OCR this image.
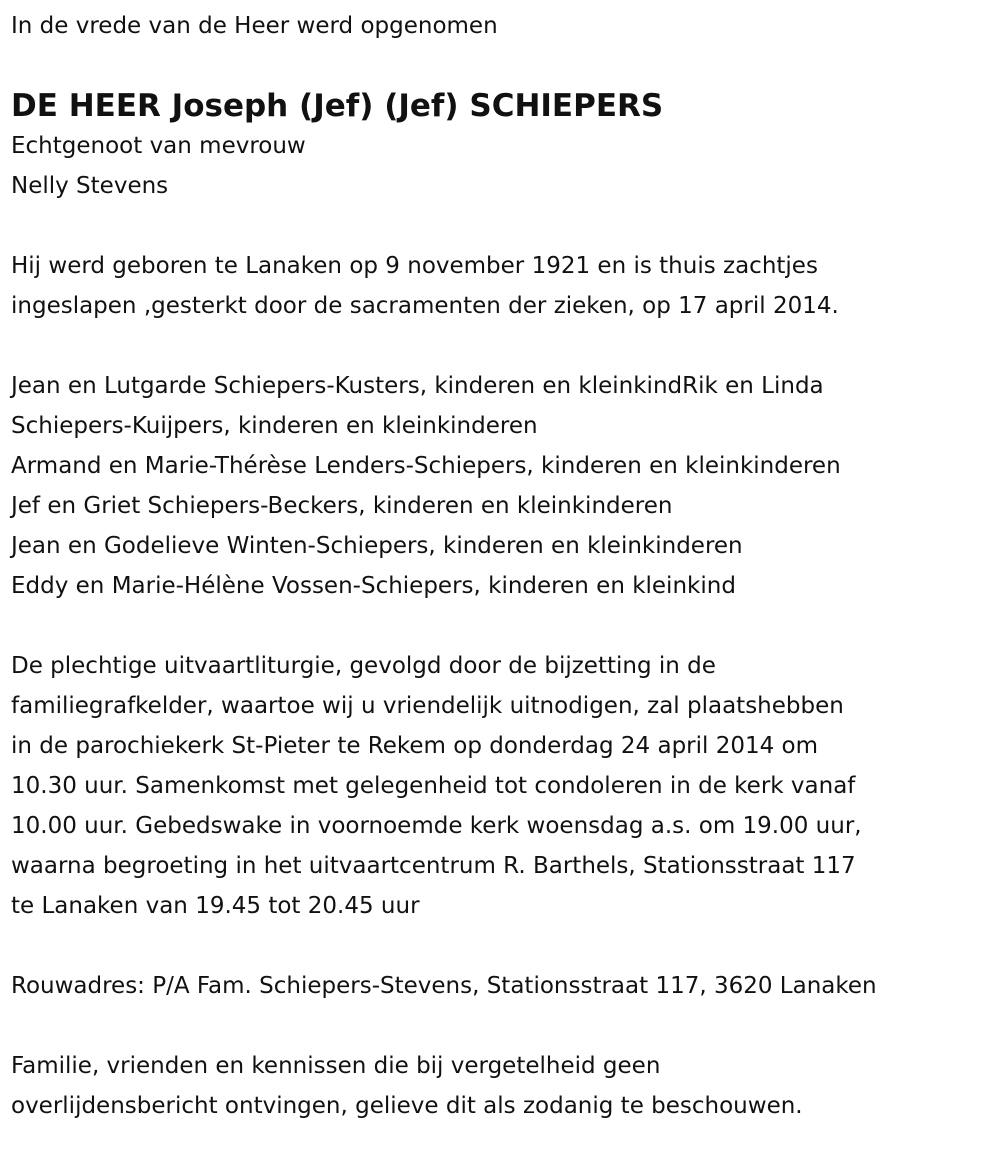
In de vrede van de Heer werd opgenomen

DE HEER Joseph (Jef) (Jef) SCHIEPERS

Echtgenoot van mevrouw

Nelly Stevens

Hij werd geboren te Lanaken op 9 november 1921 en is thuis zachtjes

ingeslapen ,gesterkt door de sacramenten der zieken, op 17 april 2014.

Jean en Lutgarde Schiepers-Kusters, kinderen en kleinkindRik en Linda

Schiepers-Kuijpers, kinderen en kleinkinderen

Armand en Marie-Thérèse Lenders-Schiepers, kinderen en kleinkinderen

Jef en Griet Schiepers-Beckers, kinderen en kleinkinderen

Jean en Godelieve Winten-Schiepers, kinderen en kleinkinderen

Eddy en Marie-Hélène Vossen-Schiepers, kinderen en kleinkind

De plechtige uitvaartliturgie, gevolgd door de bijzetting in de

familiegrafkelder, waartoe wij u vriendelijk uitnodigen, zal plaatshebben

in de parochiekerk St-Pieter te Rekem op donderdag 24 april 2014 om

10.30 uur. Samenkomst met gelegenheid tot condoleren in de kerk vanaf

10.00 uur. Gebedswake in voornoemde kerk woensdag a.s. om 19.00 uur,

waarna begroeting in het uitvaartcentrum R. Barthels, Stationsstraat 117

te Lanaken van 19.45 tot 20.45 uur

Rouwadres: P/A Fam. Schiepers-Stevens, Stationsstraat 117, 3620 Lanaken

Familie, vrienden en kennissen die bij vergetelheid geen

overlijdensbericht ontvingen, gelieve dit als zodanig te beschouwen.
